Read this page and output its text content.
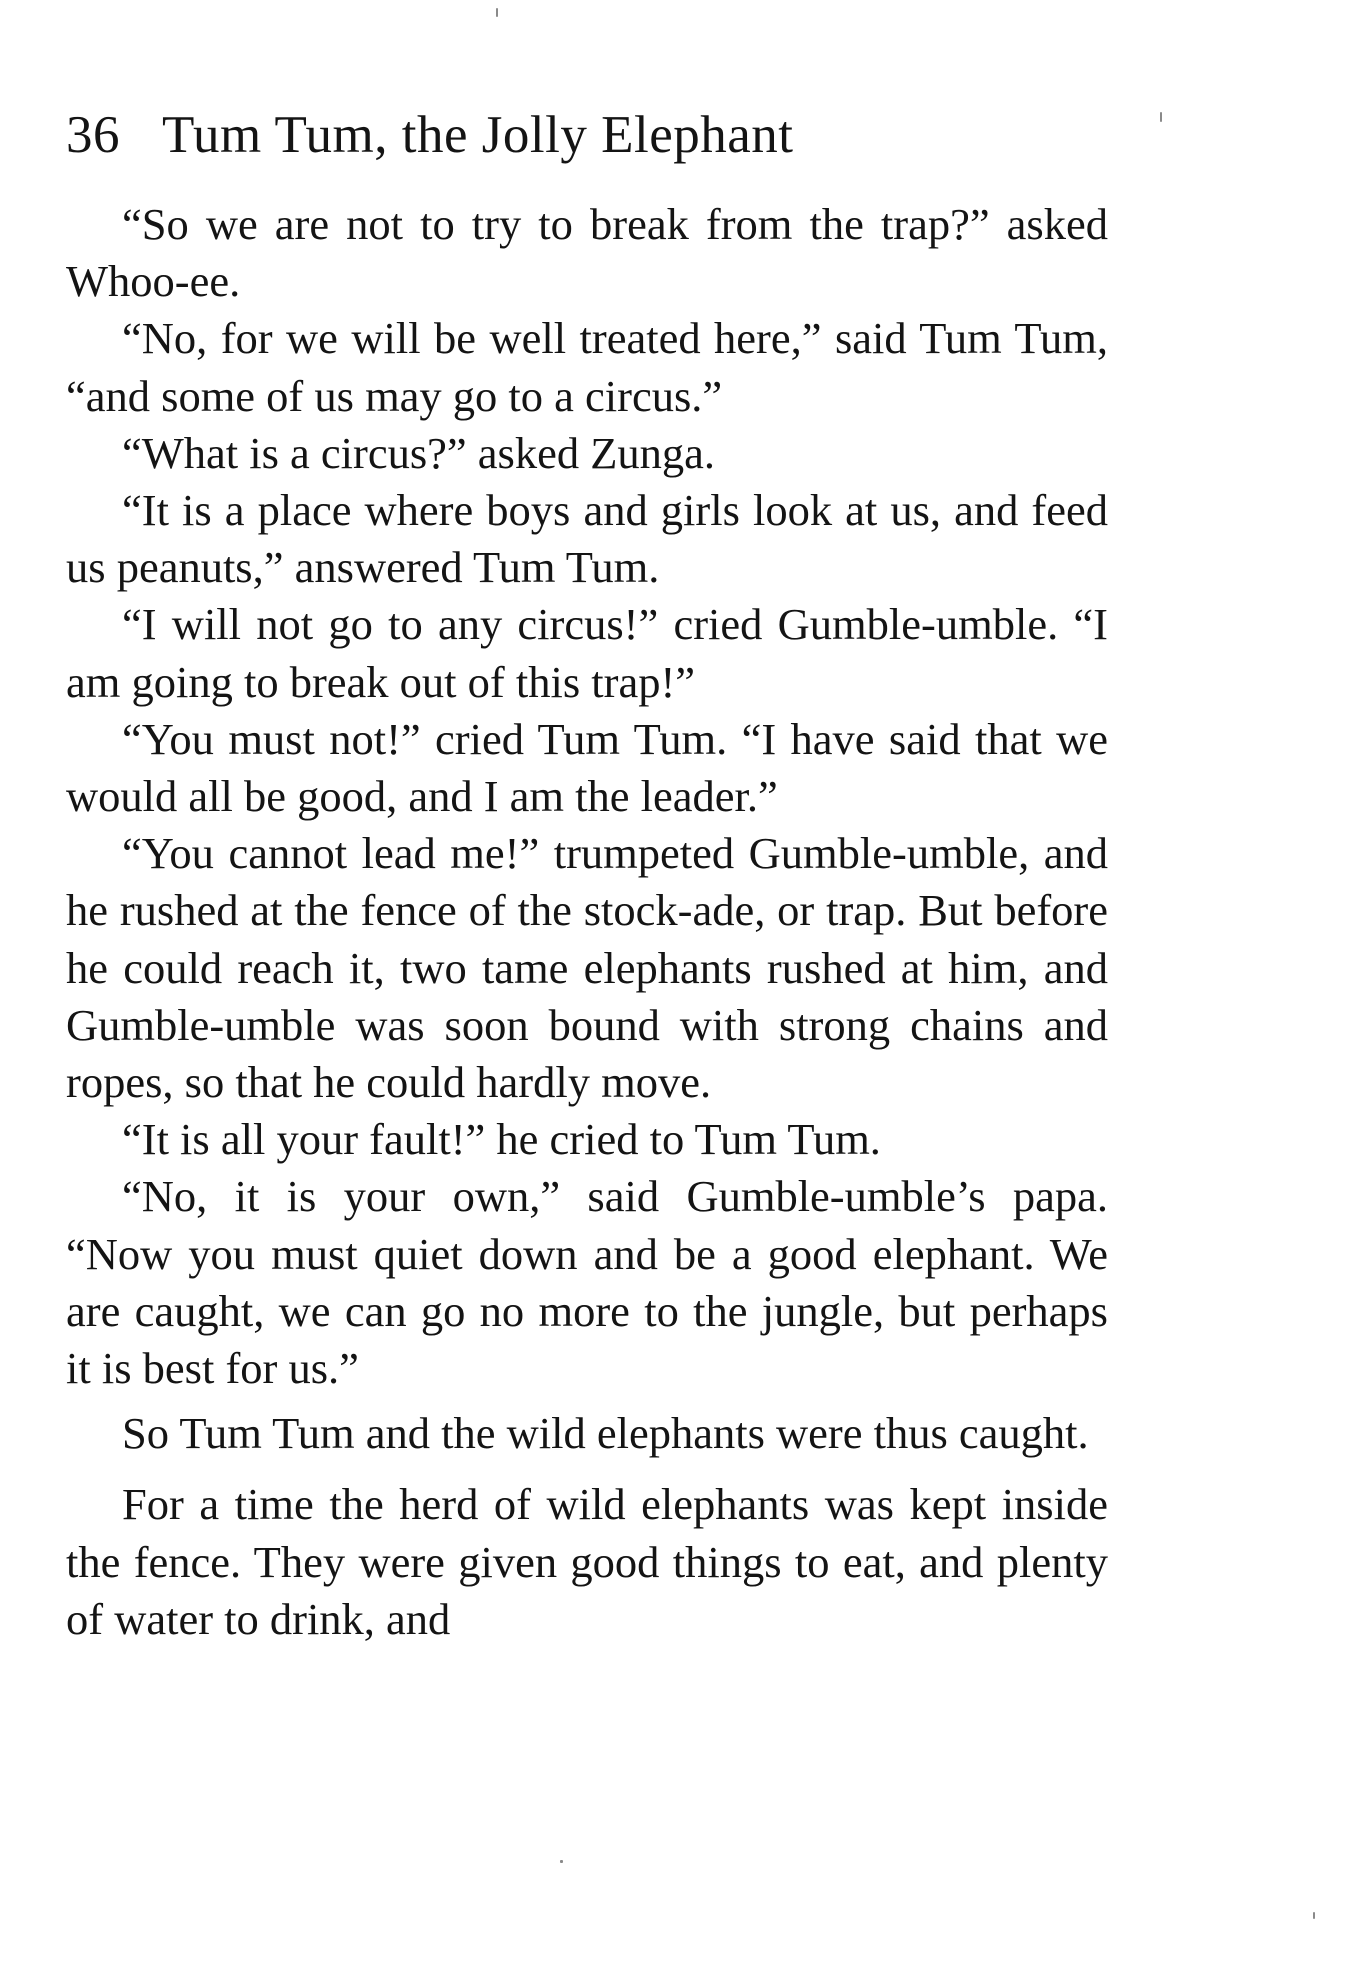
36 Tum Tum, the Jolly Elephant

“So we are not to try to break from the trap?” asked Whoo-ee.

“No, for we will be well treated here,” said Tum Tum, “and some of us may go to a circus.”

“What is a circus?” asked Zunga.

“It is a place where boys and girls look at us, and feed us peanuts,” answered Tum Tum.

“I will not go to any circus!” cried Gumble-umble. “I am going to break out of this trap!”

“You must not!” cried Tum Tum. “I have said that we would all be good, and I am the leader.”

“You cannot lead me!” trumpeted Gumble-umble, and he rushed at the fence of the stock-ade, or trap. But before he could reach it, two tame elephants rushed at him, and Gumble-umble was soon bound with strong chains and ropes, so that he could hardly move.

“It is all your fault!” he cried to Tum Tum.

“No, it is your own,” said Gumble-umble’s papa. “Now you must quiet down and be a good elephant. We are caught, we can go no more to the jungle, but perhaps it is best for us.”

So Tum Tum and the wild elephants were thus caught.

For a time the herd of wild elephants was kept inside the fence. They were given good things to eat, and plenty of water to drink, and
